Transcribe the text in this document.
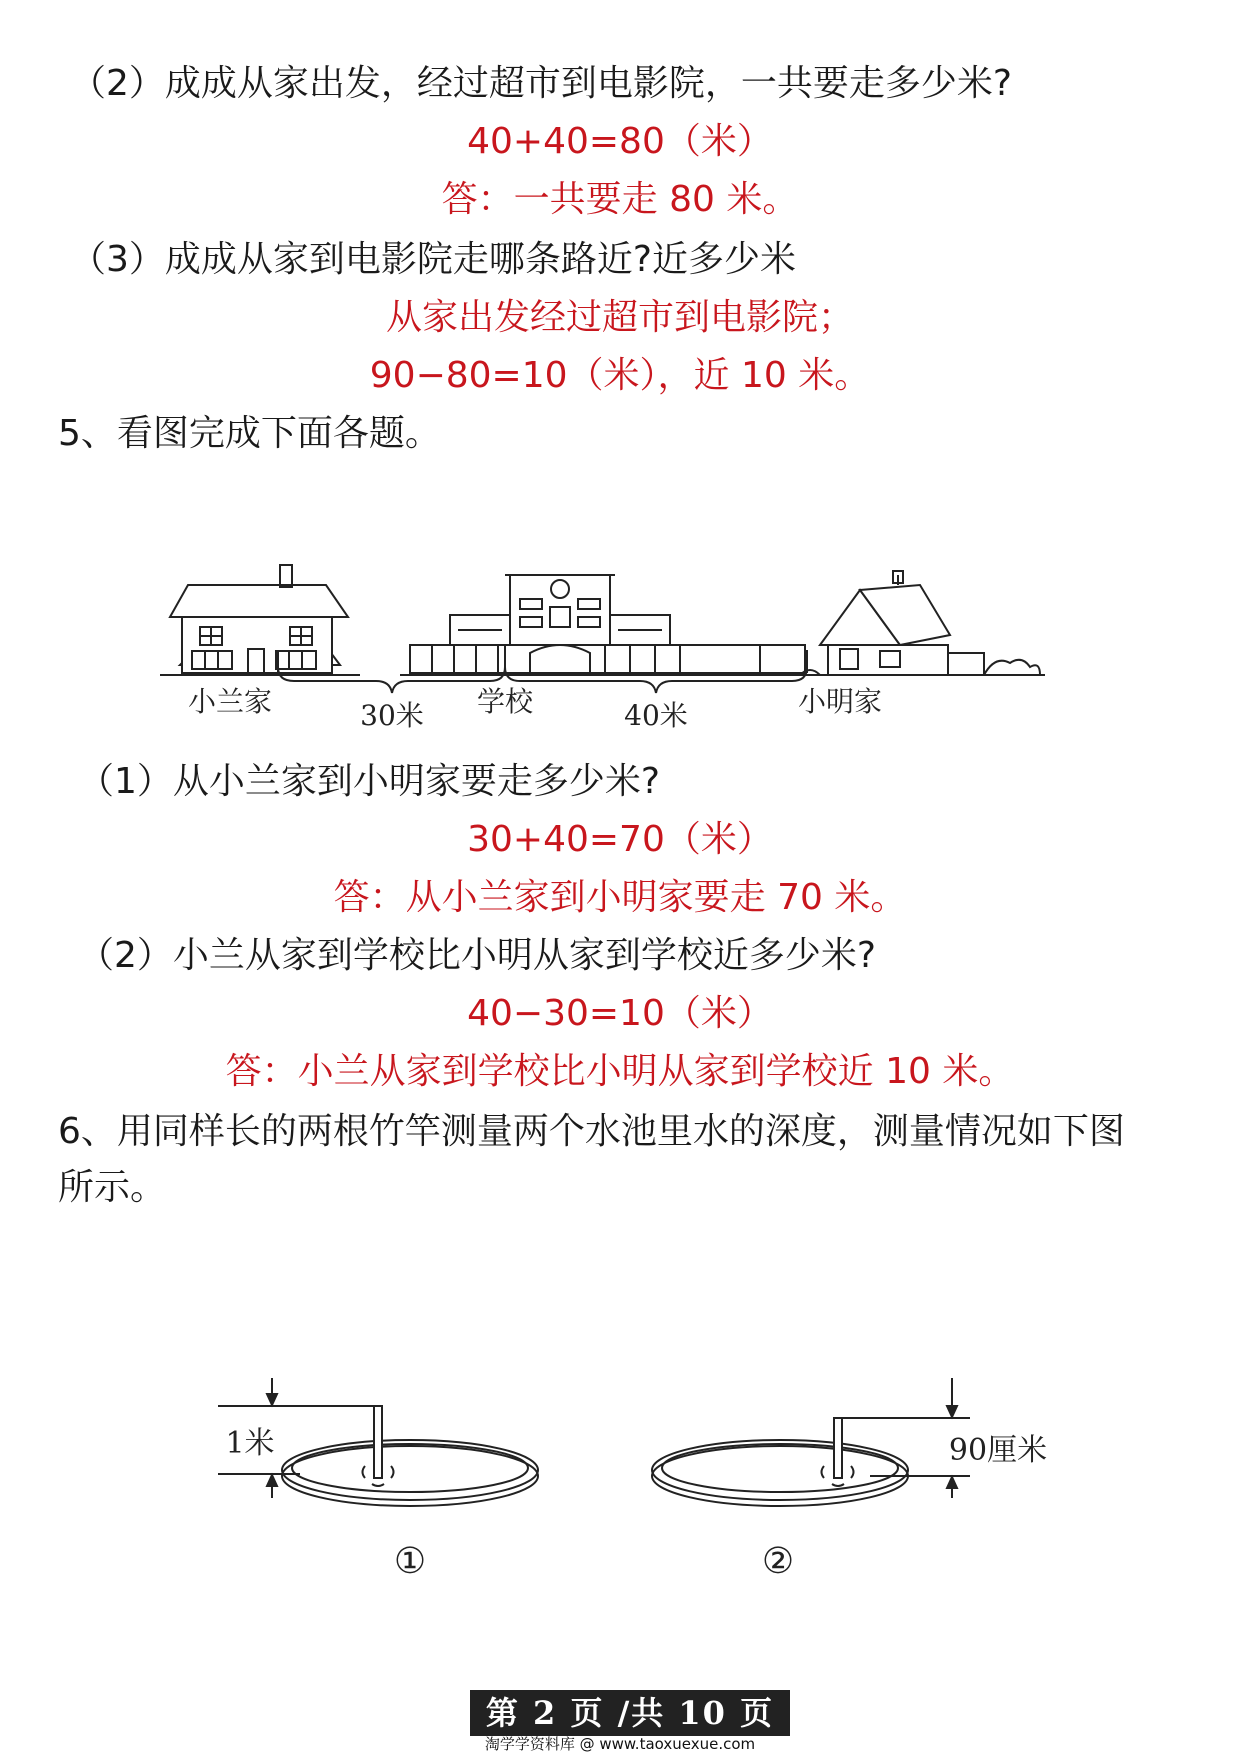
（2）成成从家出发，经过超市到电影院，一共要走多少米?
40+40=80（米）
答：一共要走 80 米。
（3）成成从家到电影院走哪条路近?近多少米
从家出发经过超市到电影院；
90−80=10（米），近 10 米。
5、看图完成下面各题。
小兰家	学校	小明家
30米	40米
（1）从小兰家到小明家要走多少米?
30+40=70（米）
答：从小兰家到小明家要走 70 米。
（2）小兰从家到学校比小明从家到学校近多少米?
40−30=10（米）
答：小兰从家到学校比小明从家到学校近 10 米。
6、用同样长的两根竹竿测量两个水池里水的深度，测量情况如下图
所示。
1米	90厘米
①	②
第 2 页 /共 10 页
淘学学资料库 @ www.taoxuexue.com
